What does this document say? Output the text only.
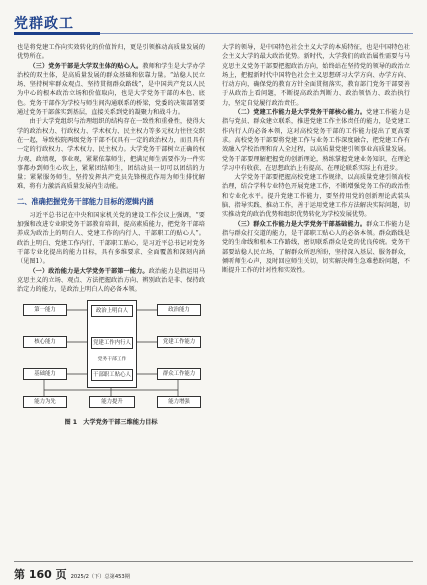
党群政工

也是将党建工作向实效转化的价值旨归，更是引领推动高质量发展的优势所在。

（三）党务干部是大学双主体的贴心人。教师和学生是大学办学治校的双主体，是高质量发展的群众基础和依靠力量。“站稳人民立场、坚持树牢群众观点、坚持贯彻群众路线”，是中国共产党以人民为中心的根本政治立场和价值取向，也是大学党务干部的本色、底色。党务干部作为学校与师生间沟通联系的桥梁，党委的决策部署要通过党务干部落实到基层，直接关系到党的凝聚力和战斗力。

由于大学党组织与治理组织的结构存在一致性和重叠性，使得大学的政治权力、行政权力、学术权力、民主权力等多元权力往往交织在一起，导致校院两级党务干部不仅具有一定的政治权力，而且具有一定的行政权力、学术权力、民主权力。大学党务干部树立正确的权力观、政绩观，事业观，紧紧依靠师生，把满足师生需要作为一件实事都办到师生心坎上，紧紧团结师生，团结动员一切可以团结的力量；紧紧服务师生，坚持发挥共产党员先锋模范作用为师生排忧解难，将有力激活高质量发展内生动能。

二、准确把握党务干部能力目标的逻辑内涵

习近平总书记在中央和国家机关党的建设工作会议上强调，“要加强和改进专业职党务干部教育培训，提高素质能力，把党务干部培养成为政治上的明白人、党建工作的内行人、干部职工的贴心人”。政治上明白、党建工作内行、干部职工贴心，是习近平总书记对党务干部专业化提出的能力目标，具有多维要求、全面覆盖和深刻内涵（见图1）。

（一）政治能力是大学党务干部第一能力。政治能力是指运用马克思主义的立场、观点、方法把握政治方向、辨别政治是非、保持政治定力的能力，是政治上明白人的必备本领。

第一能力
核心能力
基础能力
政治上明白人
党建工作内行人
干部职工贴心人
党务干部工作
政治能力
党建工作能力
群众工作能力
能力为先	能力提升	能力增强
图 1　大学党务干部三维能力目标

大学的领导，是中国特色社会主义大学的本质特征，也是中国特色社会主义大学的最大政治优势。新时代，大学我们的政治属性需要与马克思主义党务干部要把握政治方向，始终站在坚持党的领导的政治立场上，把握新时代中国特色社会主义思想研习大学方向、办学方向、行动方向，确保党的教育方针全面贯彻落实，教育部门党务干部要善于从政治上看问题，不断提高政治判断力、政治领悟力、政治执行力，坚定自觉履行政治责任。

（二）党建工作能力是大学党务干部核心能力。党建工作能力是指与党员、群众建立联系，推进党建工作主体责任的能力，是党建工作内行人的必备本领，这对高校党务干部的工作能力提出了更高要求。高校党务干部要将党建工作与业务工作深度融合，把党建工作有效融入学校治理和育人全过程，以高质量党建引领事业高质量发展。党务干部要理解把握党的创新理论，熟练掌握党建业务知识，在理论学习中有收获、在思想政治上有提高、在理论联系实际上有进步。

大学党务干部要把握高校党建工作规律，以高质量党建引领高校治理，结合学科专业特色开展党建工作，不断增强党务工作的政治性和专业化水平。提升党建工作能力，要坚持用党的创新理论武装头脑、指导实践、推动工作，善于运用党建工作方法解决实际问题，切实推动党的政治优势和组织优势转化为学校发展优势。

（三）群众工作能力是大学党务干部基础能力。群众工作能力是指与群众打交道的能力，是干部职工贴心人的必备本领。群众路线是党的生命线和根本工作路线，密切联系群众是党的优良传统。党务干部要站稳人民立场，了解群众所思所盼，坚持深入基层、服务群众，倾听师生心声，及时回应师生关切，切实解决师生急难愁盼问题，不断提升工作的针对性和实效性。

第 160 页 2025/2（下）总第453期
